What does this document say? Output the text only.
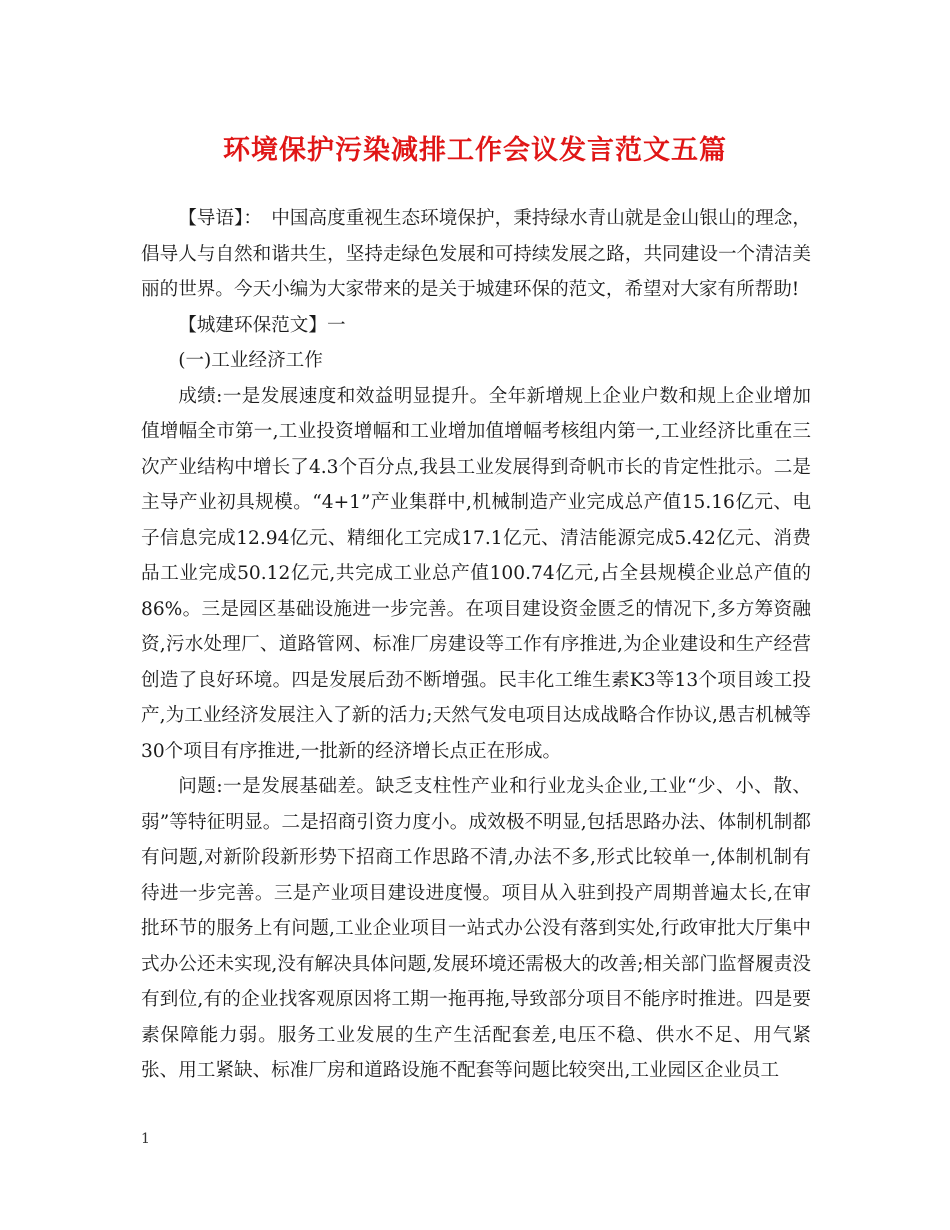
环境保护污染减排工作会议发言范文五篇

【导语】：　中国高度重视生态环境保护，秉持绿水青山就是金山银山的理念，倡导人与自然和谐共生，坚持走绿色发展和可持续发展之路，共同建设一个清洁美丽的世界。今天小编为大家带来的是关于城建环保的范文，希望对大家有所帮助!

【城建环保范文】一

(一)工业经济工作

成绩:一是发展速度和效益明显提升。全年新增规上企业户数和规上企业增加值增幅全市第一,工业投资增幅和工业增加值增幅考核组内第一,工业经济比重在三次产业结构中增长了4.3个百分点,我县工业发展得到奇帆市长的肯定性批示。二是主导产业初具规模。“4+1”产业集群中,机械制造产业完成总产值15.16亿元、电子信息完成12.94亿元、精细化工完成17.1亿元、清洁能源完成5.42亿元、消费品工业完成50.12亿元,共完成工业总产值100.74亿元,占全县规模企业总产值的86%。三是园区基础设施进一步完善。在项目建设资金匮乏的情况下,多方筹资融资,污水处理厂、道路管网、标准厂房建设等工作有序推进,为企业建设和生产经营创造了良好环境。四是发展后劲不断增强。民丰化工维生素K3等13个项目竣工投产,为工业经济发展注入了新的活力;天然气发电项目达成战略合作协议,愚吉机械等30个项目有序推进,一批新的经济增长点正在形成。

问题:一是发展基础差。缺乏支柱性产业和行业龙头企业,工业“少、小、散、弱”等特征明显。二是招商引资力度小。成效极不明显,包括思路办法、体制机制都有问题,对新阶段新形势下招商工作思路不清,办法不多,形式比较单一,体制机制有待进一步完善。三是产业项目建设进度慢。项目从入驻到投产周期普遍太长,在审批环节的服务上有问题,工业企业项目一站式办公没有落到实处,行政审批大厅集中式办公还未实现,没有解决具体问题,发展环境还需极大的改善;相关部门监督履责没有到位,有的企业找客观原因将工期一拖再拖,导致部分项目不能序时推进。四是要素保障能力弱。服务工业发展的生产生活配套差,电压不稳、供水不足、用气紧张、用工紧缺、标准厂房和道路设施不配套等问题比较突出,工业园区企业员工

1
